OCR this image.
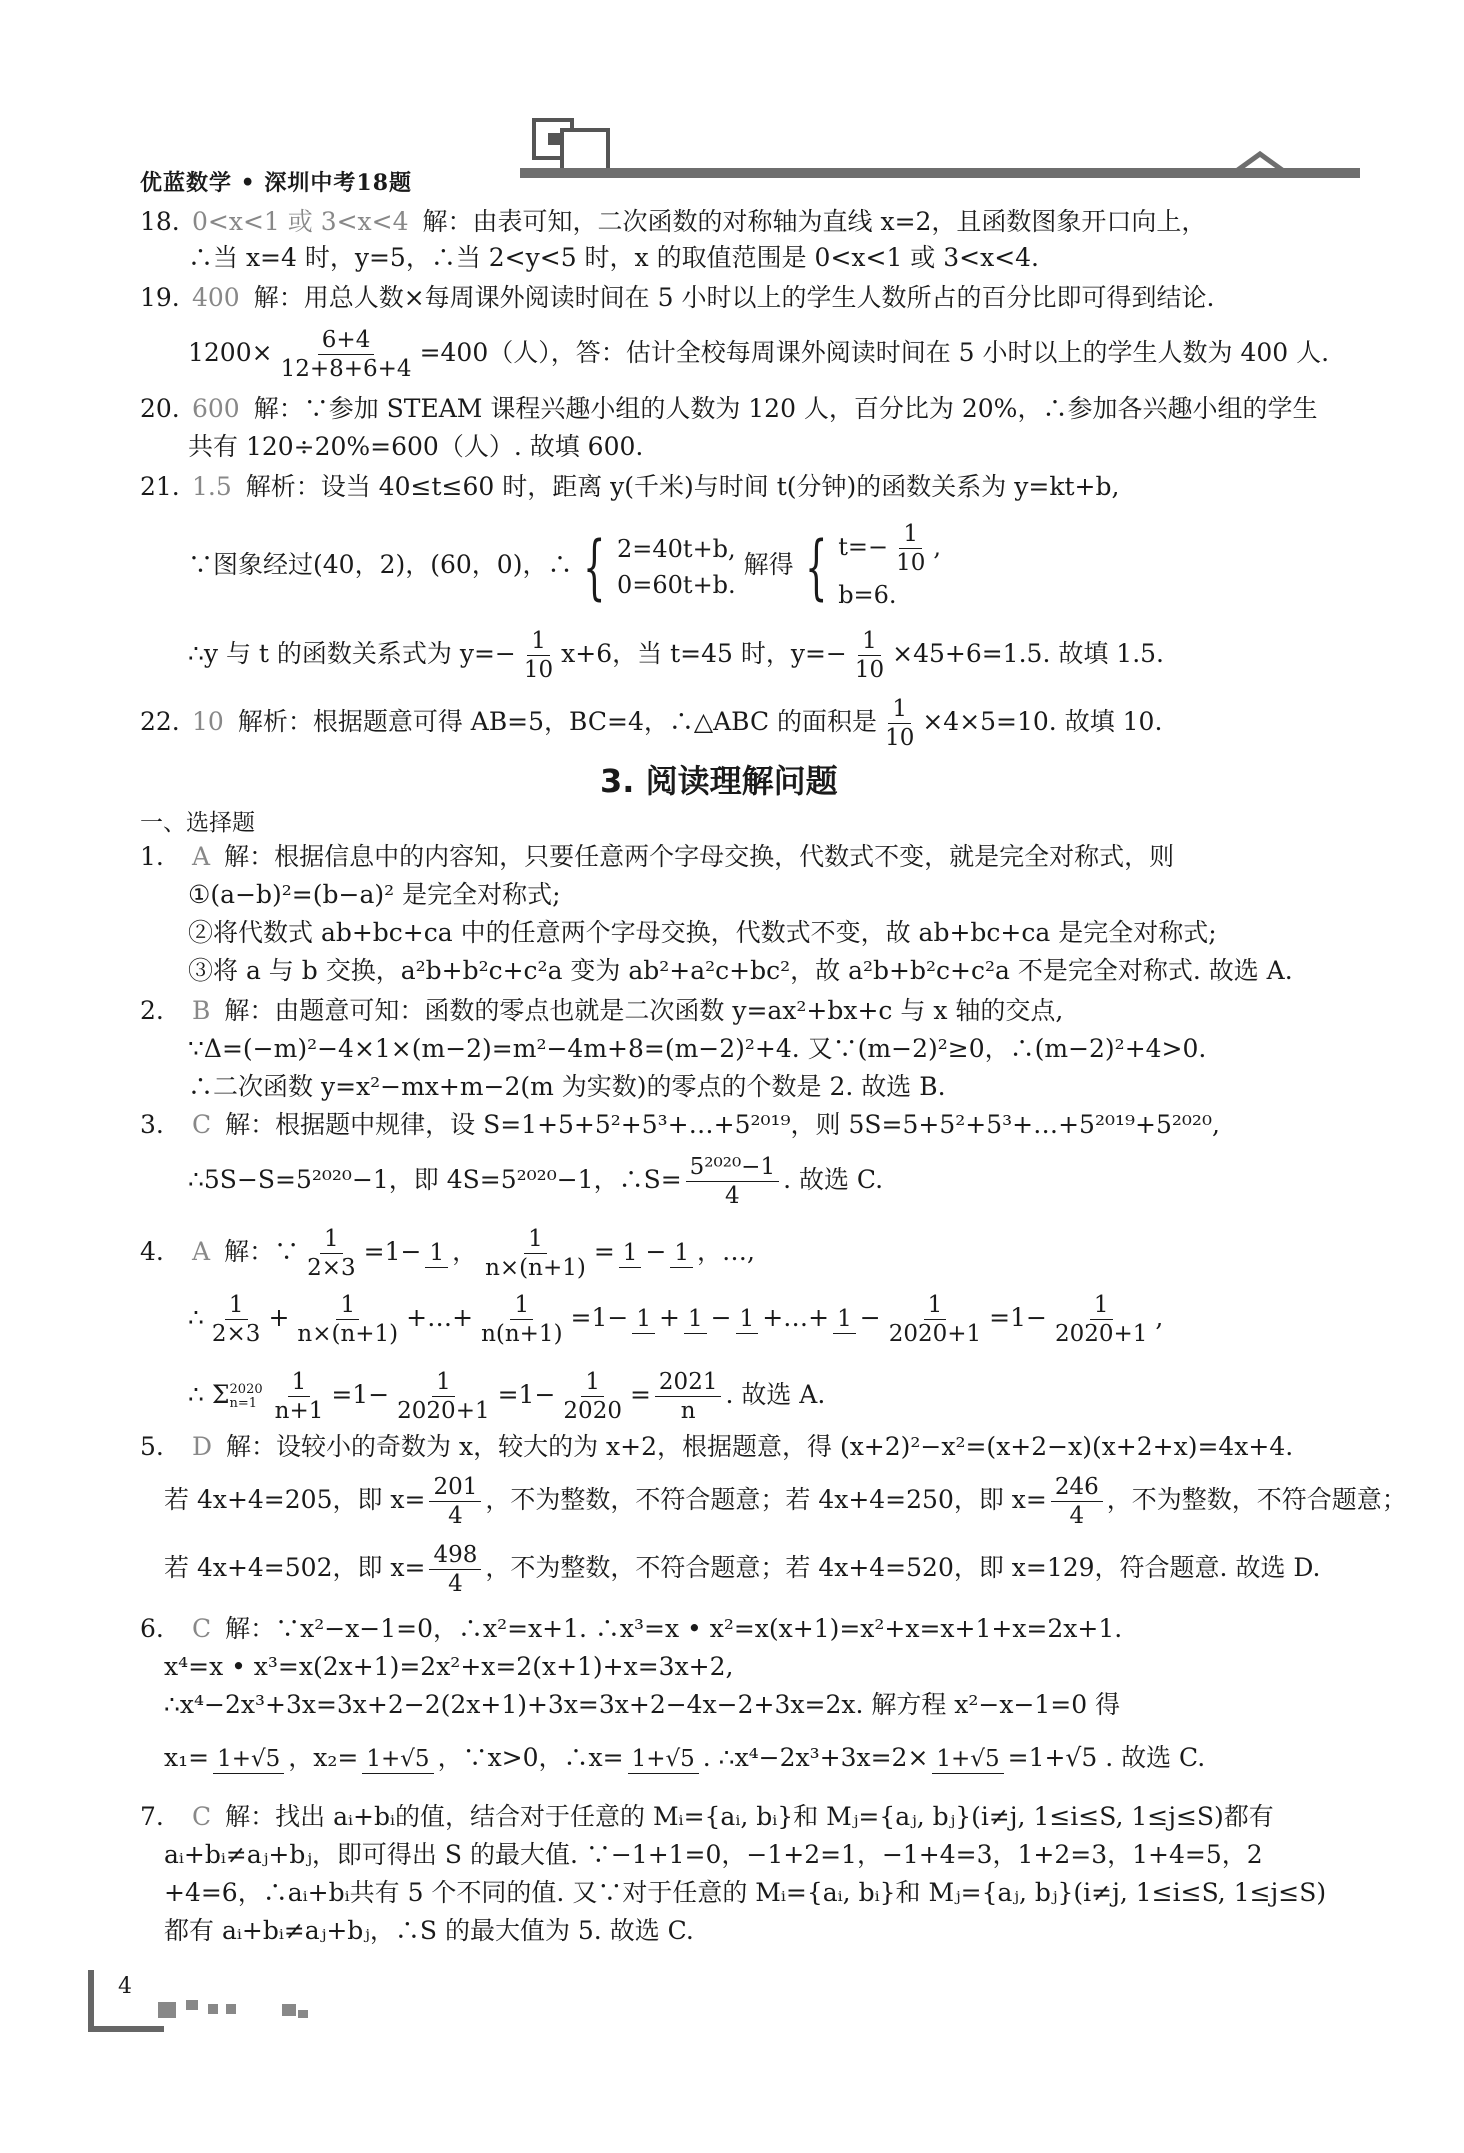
优蓝数学 • 深圳中考18题
18. 0<x<1 或 3<x<4 解：由表可知，二次函数的对称轴为直线 x=2，且函数图象开口向上，
∴当 x=4 时，y=5，∴当 2<y<5 时，x 的取值范围是 0<x<1 或 3<x<4.
19. 400 解：用总人数×每周课外阅读时间在 5 小时以上的学生人数所占的百分比即可得到结论.
$1200\times \frac{6+4}{12+8+6+4} =400$（人），答：估计全校每周课外阅读时间在 5 小时以上的学生人数为 400 人.
20. 600 解：∵参加 STEAM 课程兴趣小组的人数为 120 人，百分比为 20%，∴参加各兴趣小组的学生
共有 120÷20%=600（人）. 故填 600.
21. 1.5 解析：设当 40≤t≤60 时，距离 y(千米)与时间 t(分钟)的函数关系为 y=kt+b,
∵图象经过(40，2)，(60，0)，∴ { 2=40t+b,
0=60t+b.
解得 { $t=- \frac{1}{10}$ ,
b=6.
∴y 与 t 的函数关系式为 $y=- \frac{1}{10} x+6$，当 t=45 时，$y=- \frac{1}{10} \times 45+6=1.5$. 故填 1.5.
22. 10 解析：根据题意可得 AB=5，BC=4，∴△ABC 的面积是 $\frac{1}{10} \times 4\times 5=10$. 故填 10.
3. 阅读理解问题
一、选择题
1. A 解：根据信息中的内容知，只要任意两个字母交换，代数式不变，就是完全对称式，则
①(a−b)²=(b−a)² 是完全对称式;
②将代数式 ab+bc+ca 中的任意两个字母交换，代数式不变，故 ab+bc+ca 是完全对称式;
③将 a 与 b 交换，a²b+b²c+c²a 变为 ab²+a²c+bc²，故 a²b+b²c+c²a 不是完全对称式. 故选 A.
2. B 解：由题意可知：函数的零点也就是二次函数 y=ax²+bx+c 与 x 轴的交点,
∵Δ=(−m)²−4×1×(m−2)=m²−4m+8=(m−2)²+4. 又∵(m−2)²≥0，∴(m−2)²+4>0.
∴二次函数 y=x²−mx+m−2(m 为实数)的零点的个数是 2. 故选 B.
3. C 解：根据题中规律，设 S=1+5+5²+5³+…+5²⁰¹⁹，则 5S=5+5²+5³+…+5²⁰¹⁹+5²⁰²⁰,
∴5S−S=5²⁰²⁰−1，即 4S=5²⁰²⁰−1，∴S= $\frac{\text{5²⁰²⁰−1}}{4}$ . 故选 C.
4. A 解：∵ $\frac{1}{2\times 3} =1- 1$ ， $\frac{1}{n\times(n+1)} = 1 - 1$ ，…,
∴ $\frac{1}{2\times 3} + \frac{1}{n\times(n+1)}$ +…+ $\frac{1}{n(n+1)} =1- 1 + 1 - 1$ +…+ $1 - \frac{1}{2020+1} =1- \frac{1}{2020+1}$ ,
∴ Σ 2020
$n=1 \frac{1}{n+1} =1- \frac{1}{2020+1} =1- \frac{1}{2020} = \frac{2021}{n}$ . 故选 A.
5. D 解：设较小的奇数为 x，较大的为 x+2，根据题意，得 (x+2)²−x²=(x+2−x)(x+2+x)=4x+4.
若 4x+4=205，即 $x= \frac{201}{4}$ ，不为整数，不符合题意；若 4x+4=250，即 $x= \frac{246}{4}$ ，不为整数，不符合题意；
若 4x+4=502，即 $x= \frac{498}{4}$ ，不为整数，不符合题意；若 4x+4=520，即 x=129，符合题意. 故选 D.
6. C 解：∵x²−x−1=0，∴x²=x+1. ∴x³=x • x²=x(x+1)=x²+x=x+1+x=2x+1.
x⁴=x • x³=x(2x+1)=2x²+x=2(x+1)+x=3x+2,
∴x⁴−2x³+3x=3x+2−2(2x+1)+3x=3x+2−4x−2+3x=2x. 解方程 x²−x−1=0 得
x₁= 1+√5 ，x₂= 1+√5 ，∵x>0，∴x= 1+√5 . ∴x⁴−2x³+3x=2× 1+√5 =1+√5 . 故选 C.
7. C 解：找出 aᵢ+bᵢ的值，结合对于任意的 Mᵢ={aᵢ, bᵢ}和 Mⱼ={aⱼ, bⱼ}(i≠j, 1≤i≤S, 1≤j≤S)都有
aᵢ+bᵢ≠aⱼ+bⱼ，即可得出 S 的最大值. ∵−1+1=0，−1+2=1，−1+4=3，1+2=3，1+4=5，2
+4=6，∴aᵢ+bᵢ共有 5 个不同的值. 又∵对于任意的 Mᵢ={aᵢ, bᵢ}和 Mⱼ={aⱼ, bⱼ}(i≠j, 1≤i≤S, 1≤j≤S)
都有 aᵢ+bᵢ≠aⱼ+bⱼ，∴S 的最大值为 5. 故选 C.
4
